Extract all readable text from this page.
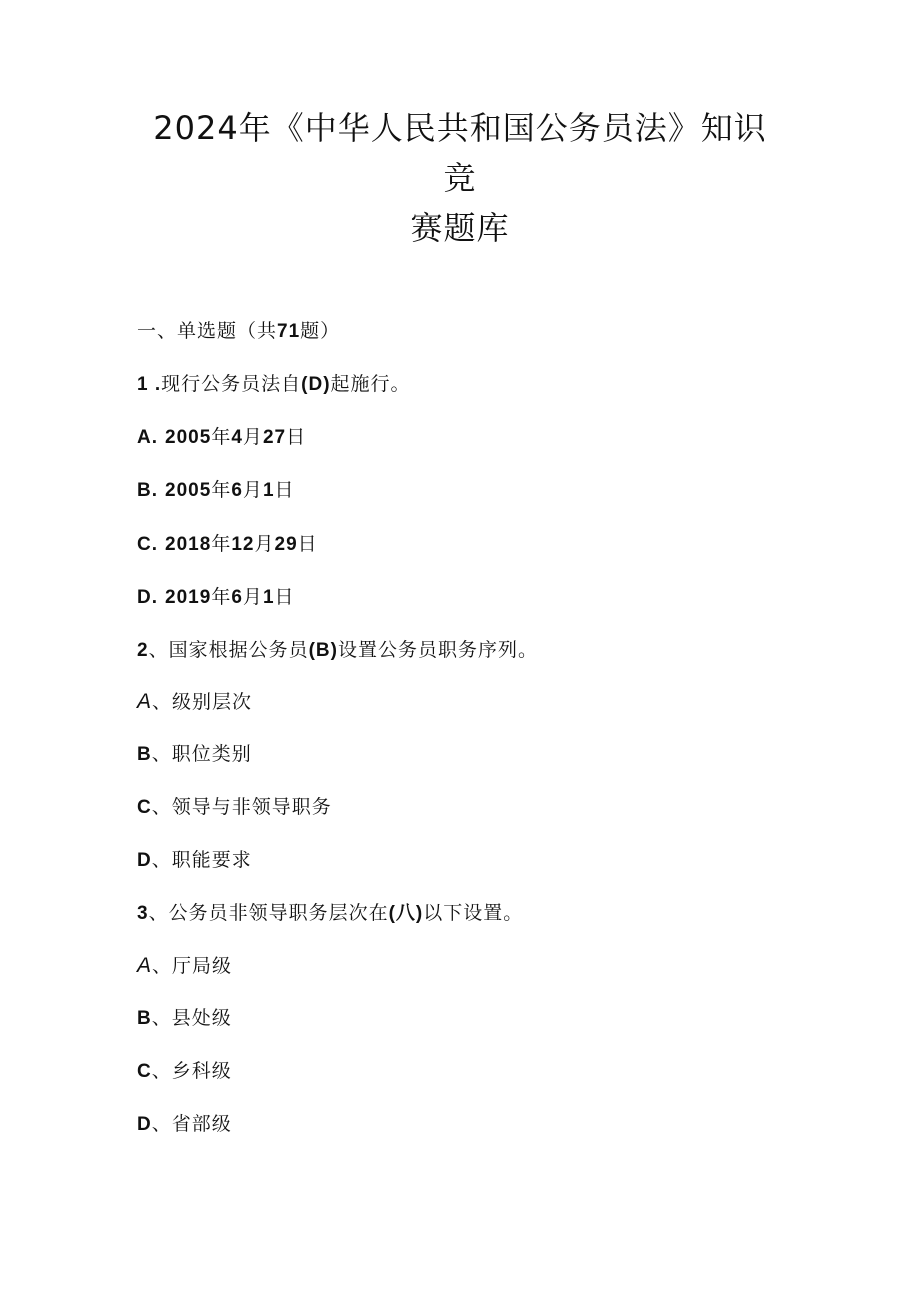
2024年《中华人民共和国公务员法》知识
竞
赛题库
一、单选题（共71题）
1 .现行公务员法自(D)起施行。
A. 2005年4月27日
B. 2005年6月1日
C. 2018年12月29日
D. 2019年6月1日
2、国家根据公务员(B)设置公务员职务序列。
A、级别层次
B、职位类别
C、领导与非领导职务
D、职能要求
3、公务员非领导职务层次在(八)以下设置。
A、厅局级
B、县处级
C、乡科级
D、省部级
